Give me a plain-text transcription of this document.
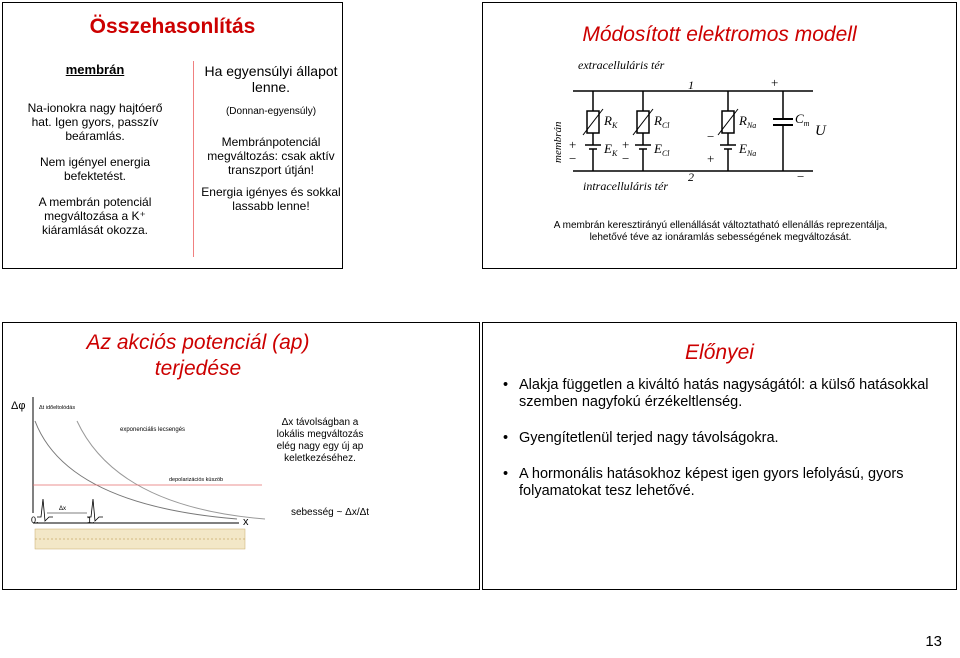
Összehasonlítás
membrán

Na-ionokra nagy hajtóerő

hat. Igen gyors, passzív

beáramlás.

Nem igényel energia

befektetést.

A membrán potenciál

megváltozása a K⁺

kiáramlását okozza.

Ha egyensúlyi állapot

lenne.

(Donnan-egyensúly)

Membránpotenciál

megváltozás: csak aktív

transzport útján!

Energia igényes és sokkal

lassabb lenne!

Módosított elektromos modell
extracelluláris tér
$R_K$
$E_K$
+
−
$R_{Cl}$
$E_{Cl}$
+
−
1
2
$R_{Na}$
$E_{Na}$
−
+
$C_m$
+
−
U
membrán
intracelluláris tér
A membrán keresztirányú ellenállását változtatható ellenállás reprezentálja,
lehetővé téve az ionáramlás sebességének megváltozását.
Az akciós potenciál (ap)
terjedése
Δφ Δt időeltolódás
exponenciális lecsengés
depolarizációs küszöb
Δx
x
0.	1.
Δx távolságban a
lokális megváltozás
elég nagy egy új ap
keletkezéséhez.
sebesség ~ Δx/Δt
Előnyei
• Alakja független a kiváltó hatás nagyságától: a külső hatásokkal szemben nagyfokú érzékeltlenség.
• Gyengítetlenül terjed nagy távolságokra.
• A hormonális hatásokhoz képest igen gyors lefolyású, gyors folyamatokat tesz lehetővé.
13
